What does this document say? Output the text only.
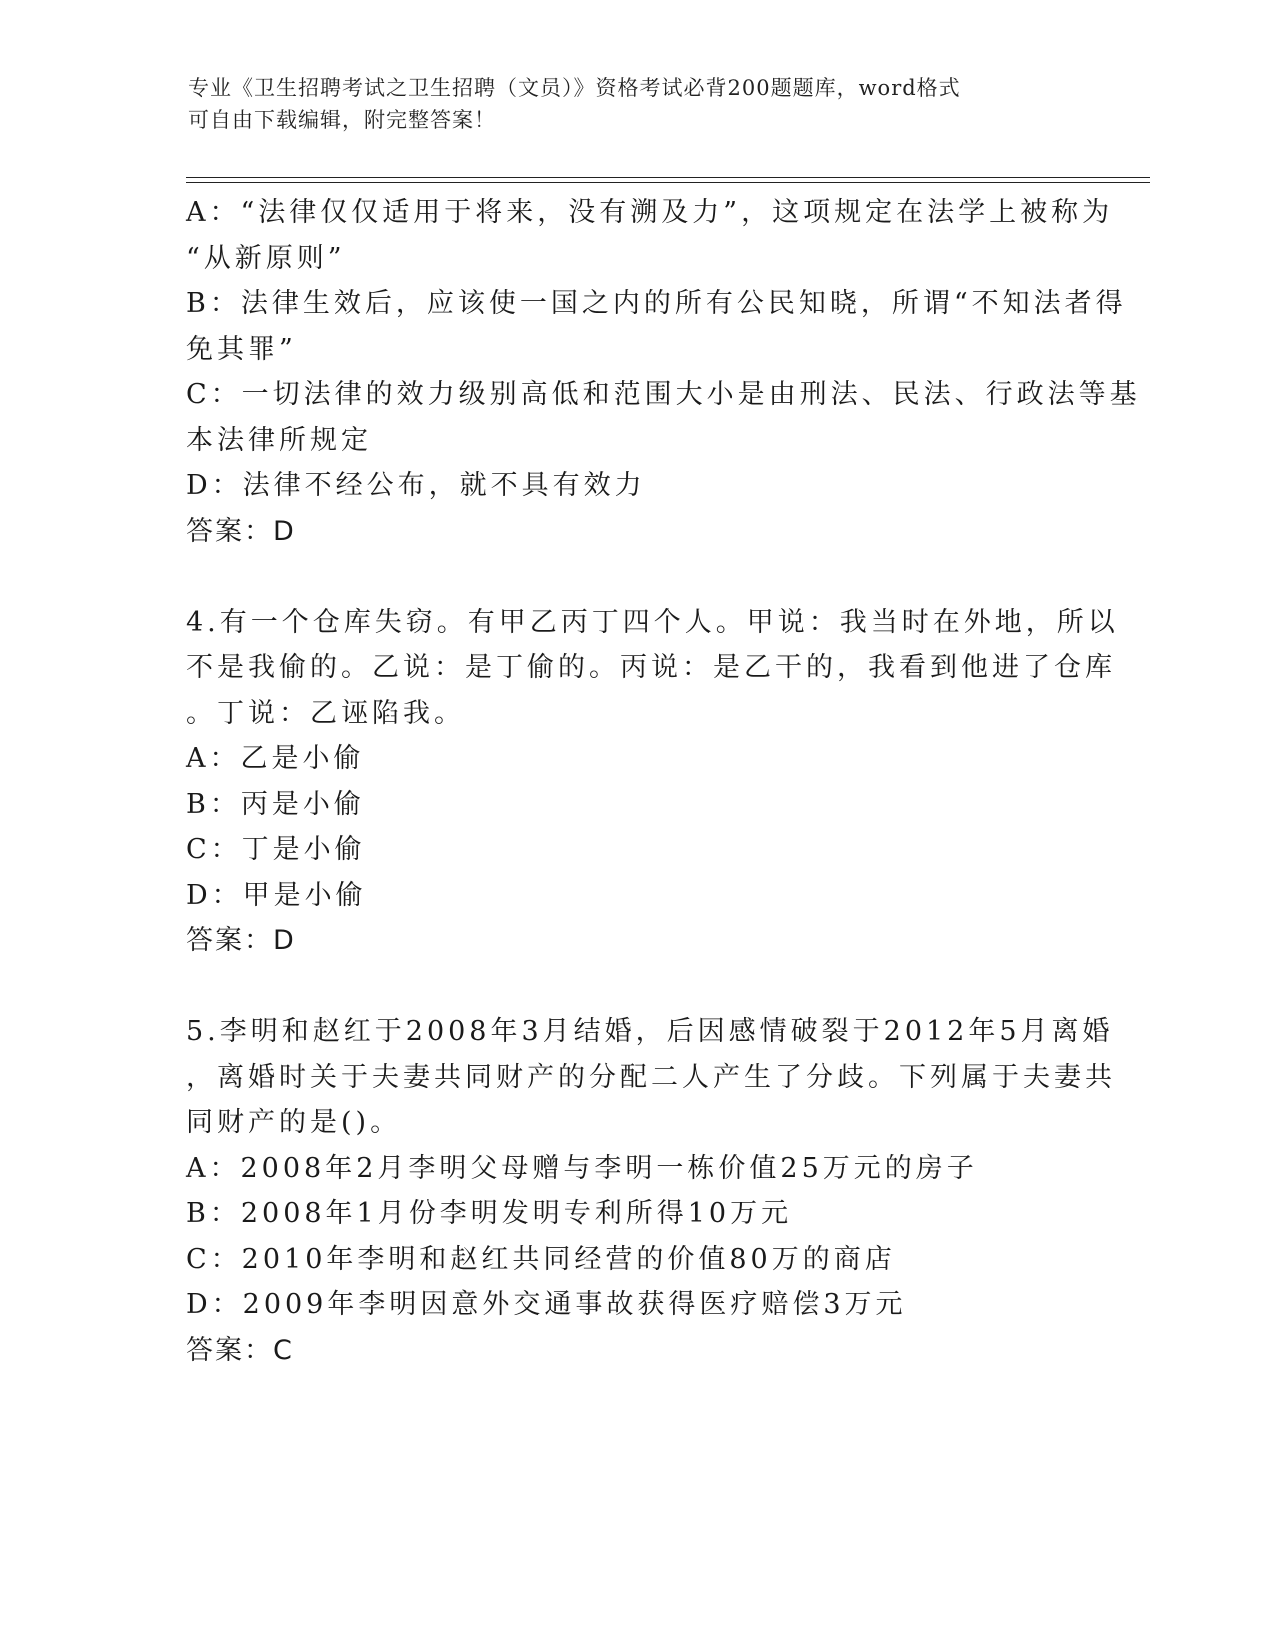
专业《卫生招聘考试之卫生招聘（文员）》资格考试必背200题题库，word格式
可自由下载编辑，附完整答案！
A：“法律仅仅适用于将来，没有溯及力”，这项规定在法学上被称为
“从新原则”
B：法律生效后，应该使一国之内的所有公民知晓，所谓“不知法者得
免其罪”
C：一切法律的效力级别高低和范围大小是由刑法、民法、行政法等基
本法律所规定
D：法律不经公布，就不具有效力
答案：D
4.有一个仓库失窃。有甲乙丙丁四个人。甲说：我当时在外地，所以
不是我偷的。乙说：是丁偷的。丙说：是乙干的，我看到他进了仓库
。丁说：乙诬陷我。
A：乙是小偷
B：丙是小偷
C：丁是小偷
D：甲是小偷
答案：D
5.李明和赵红于2008年3月结婚，后因感情破裂于2012年5月离婚
，离婚时关于夫妻共同财产的分配二人产生了分歧。下列属于夫妻共
同财产的是()。
A：2008年2月李明父母赠与李明一栋价值25万元的房子
B：2008年1月份李明发明专利所得10万元
C：2010年李明和赵红共同经营的价值80万的商店
D：2009年李明因意外交通事故获得医疗赔偿3万元
答案：C
